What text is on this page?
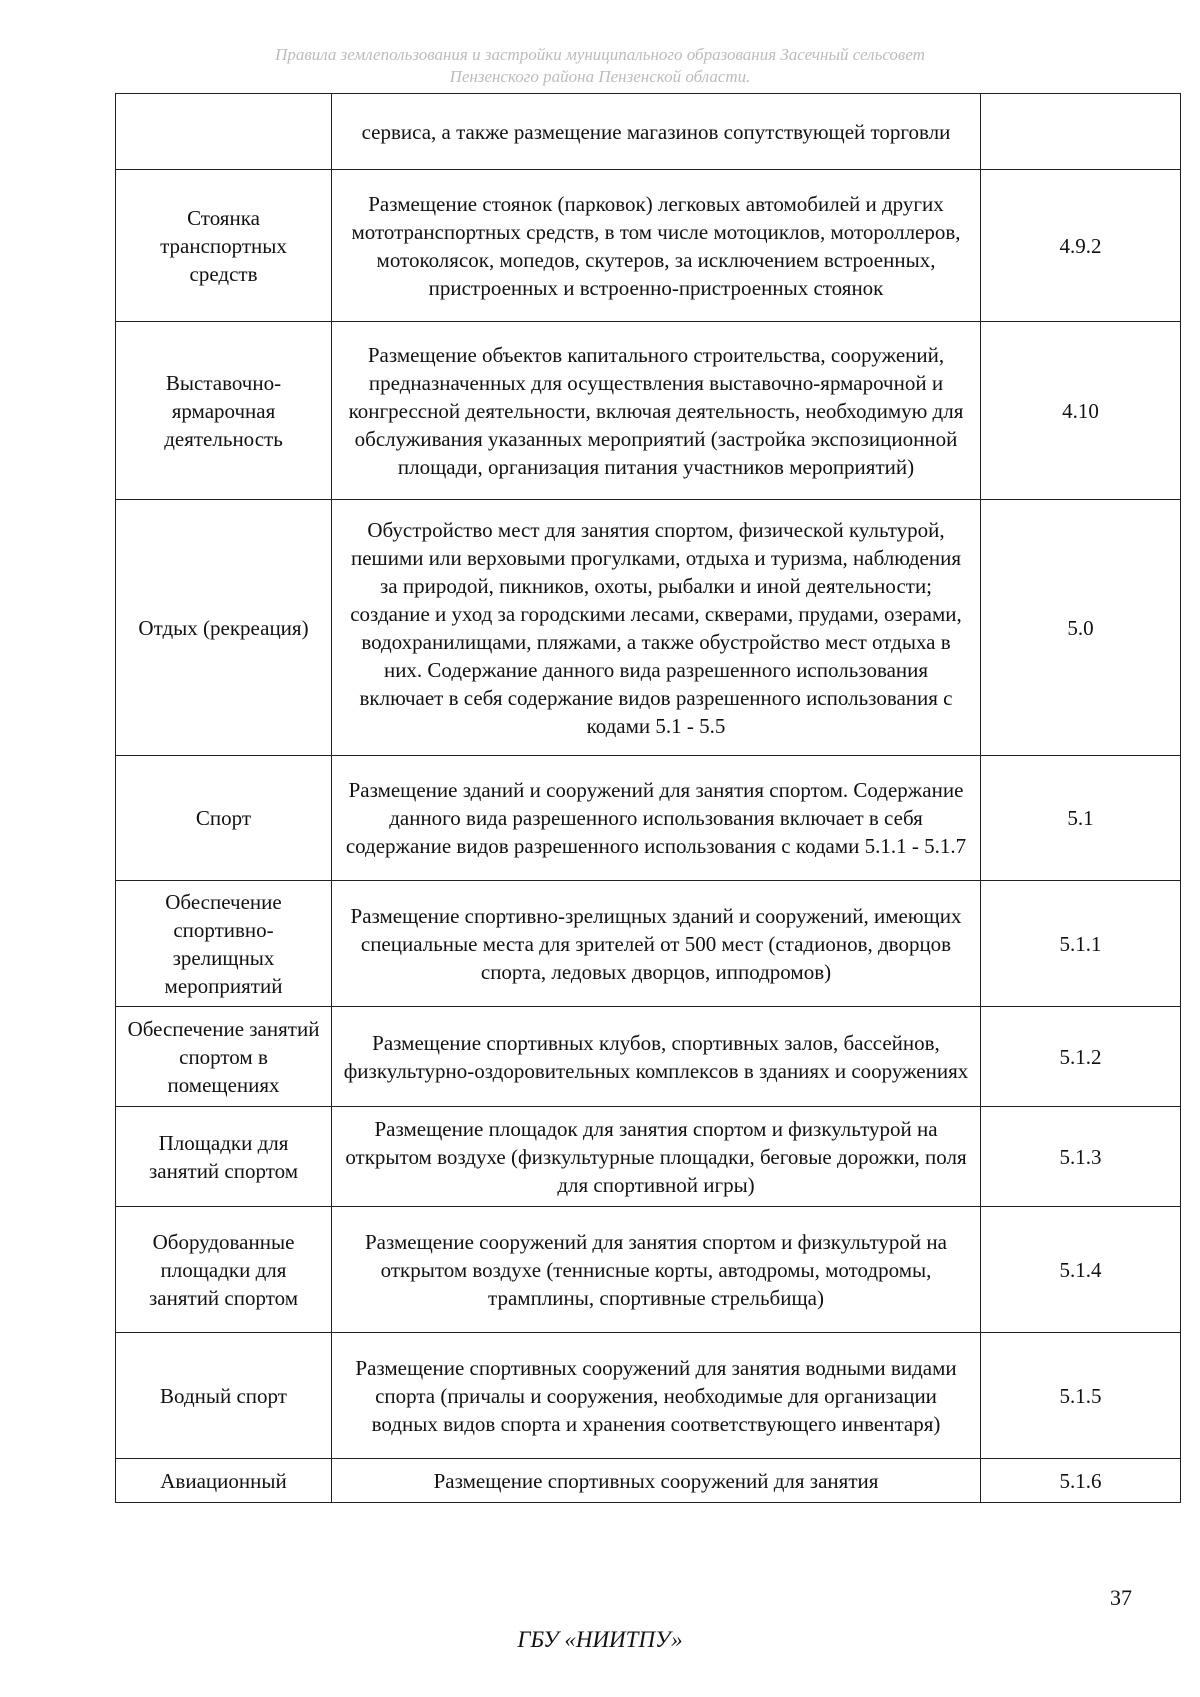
Правила землепользования и застройки муниципального образования Засечный сельсовет
Пензенского района Пензенской области.
	сервиса, а также размещение магазинов сопутствующей торговли	
Стоянка транспортных средств	Размещение стоянок (парковок) легковых автомобилей и других мототранспортных средств, в том числе мотоциклов, мотороллеров, мотоколясок, мопедов, скутеров, за исключением встроенных, пристроенных и встроенно-пристроенных стоянок	4.9.2
Выставочно-ярмарочная деятельность	Размещение объектов капитального строительства, сооружений, предназначенных для осуществления выставочно-ярмарочной и конгрессной деятельности, включая деятельность, необходимую для обслуживания указанных мероприятий (застройка экспозиционной площади, организация питания участников мероприятий)	4.10
Отдых (рекреация)	Обустройство мест для занятия спортом, физической культурой, пешими или верховыми прогулками, отдыха и туризма, наблюдения за природой, пикников, охоты, рыбалки и иной деятельности; создание и уход за городскими лесами, скверами, прудами, озерами, водохранилищами, пляжами, а также обустройство мест отдыха в них. Содержание данного вида разрешенного использования включает в себя содержание видов разрешенного использования с кодами 5.1 - 5.5	5.0
Спорт	Размещение зданий и сооружений для занятия спортом. Содержание данного вида разрешенного использования включает в себя содержание видов разрешенного использования с кодами 5.1.1 - 5.1.7	5.1
Обеспечение спортивно-зрелищных мероприятий	Размещение спортивно-зрелищных зданий и сооружений, имеющих специальные места для зрителей от 500 мест (стадионов, дворцов спорта, ледовых дворцов, ипподромов)	5.1.1
Обеспечение занятий спортом в помещениях	Размещение спортивных клубов, спортивных залов, бассейнов, физкультурно-оздоровительных комплексов в зданиях и сооружениях	5.1.2
Площадки для занятий спортом	Размещение площадок для занятия спортом и физкультурой на открытом воздухе (физкультурные площадки, беговые дорожки, поля для спортивной игры)	5.1.3
Оборудованные площадки для занятий спортом	Размещение сооружений для занятия спортом и физкультурой на открытом воздухе (теннисные корты, автодромы, мотодромы, трамплины, спортивные стрельбища)	5.1.4
Водный спорт	Размещение спортивных сооружений для занятия водными видами спорта (причалы и сооружения, необходимые для организации водных видов спорта и хранения соответствующего инвентаря)	5.1.5
Авиационный	Размещение спортивных сооружений для занятия	5.1.6
37
ГБУ «НИИТПУ»
